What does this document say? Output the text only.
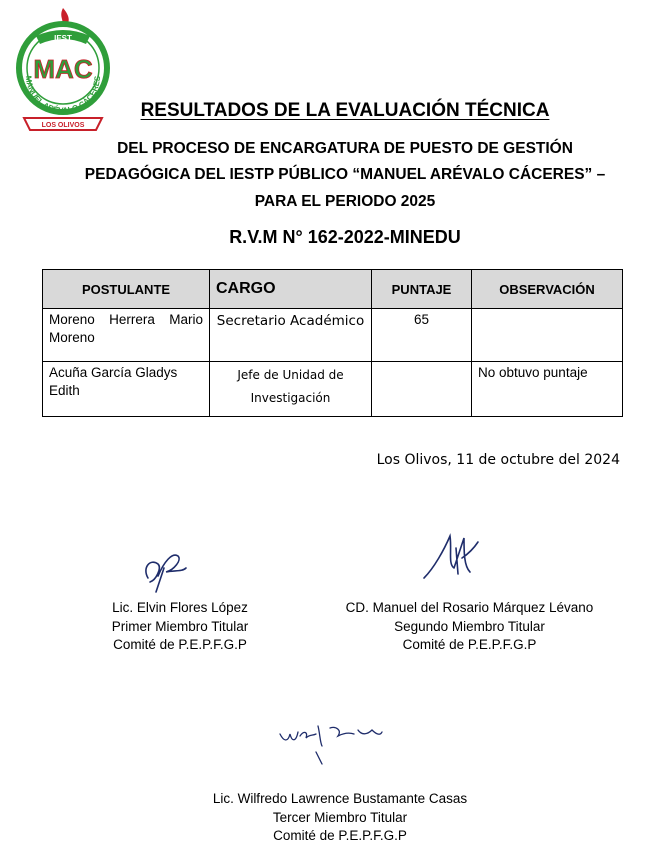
IEST
MAC
MANUEL ARÉVALO CÁCERES
LOS OLIVOS
RESULTADOS DE LA EVALUACIÓN TÉCNICA
DEL PROCESO DE ENCARGATURA DE PUESTO DE GESTIÓN
PEDAGÓGICA DEL IESTP PÚBLICO “MANUEL ARÉVALO CÁCERES” –
PARA EL PERIODO 2025
R.V.M N° 162-2022-MINEDU
POSTULANTE	CARGO	PUNTAJE	OBSERVACIÓN
Moreno Herrera Mario Moreno	Secretario Académico	65	
Acuña García Gladys Edith	Jefe de Unidad de Investigación		No obtuvo puntaje
Los Olivos, 11 de octubre del 2024
Lic. Elvin Flores López
Primer Miembro Titular
Comité de P.E.P.F.G.P
CD. Manuel del Rosario Márquez Lévano
Segundo Miembro Titular
Comité de P.E.P.F.G.P
Lic. Wilfredo Lawrence Bustamante Casas
Tercer Miembro Titular
Comité de P.E.P.F.G.P
